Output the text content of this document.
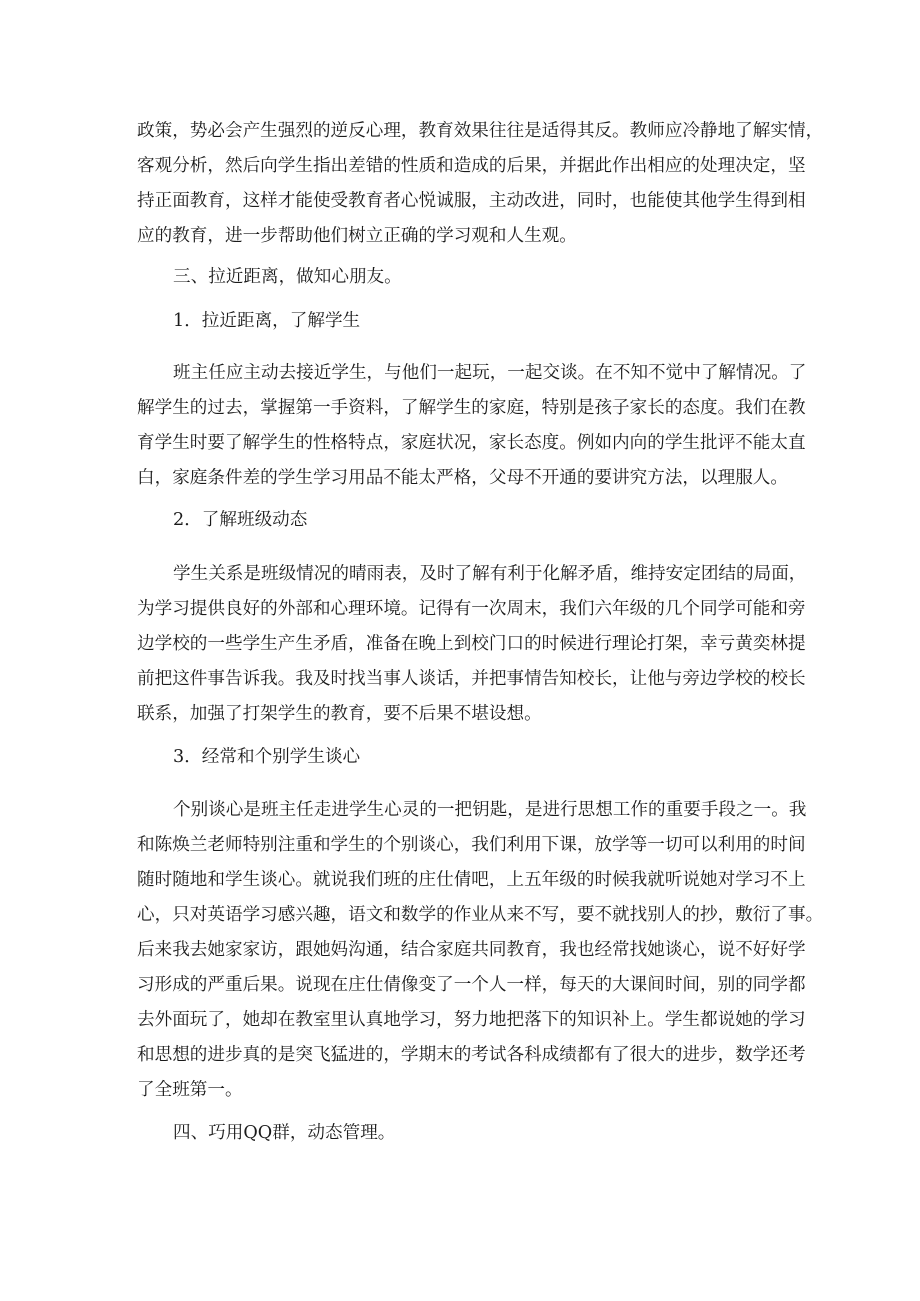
政策，势必会产生强烈的逆反心理，教育效果往往是适得其反。教师应冷静地了解实情，
客观分析，然后向学生指出差错的性质和造成的后果，并据此作出相应的处理决定，坚
持正面教育，这样才能使受教育者心悦诚服，主动改进，同时，也能使其他学生得到相
应的教育，进一步帮助他们树立正确的学习观和人生观。
三、拉近距离，做知心朋友。
1．拉近距离，了解学生
班主任应主动去接近学生，与他们一起玩，一起交谈。在不知不觉中了解情况。了
解学生的过去，掌握第一手资料，了解学生的家庭，特别是孩子家长的态度。我们在教
育学生时要了解学生的性格特点，家庭状况，家长态度。例如内向的学生批评不能太直
白，家庭条件差的学生学习用品不能太严格，父母不开通的要讲究方法，以理服人。
2．了解班级动态
学生关系是班级情况的晴雨表，及时了解有利于化解矛盾，维持安定团结的局面，
为学习提供良好的外部和心理环境。记得有一次周末，我们六年级的几个同学可能和旁
边学校的一些学生产生矛盾，准备在晚上到校门口的时候进行理论打架，幸亏黄奕林提
前把这件事告诉我。我及时找当事人谈话，并把事情告知校长，让他与旁边学校的校长
联系，加强了打架学生的教育，要不后果不堪设想。
3．经常和个别学生谈心
个别谈心是班主任走进学生心灵的一把钥匙，是进行思想工作的重要手段之一。我
和陈焕兰老师特别注重和学生的个别谈心，我们利用下课，放学等一切可以利用的时间
随时随地和学生谈心。就说我们班的庄仕倩吧，上五年级的时候我就听说她对学习不上
心，只对英语学习感兴趣，语文和数学的作业从来不写，要不就找别人的抄，敷衍了事。
后来我去她家家访，跟她妈沟通，结合家庭共同教育，我也经常找她谈心，说不好好学
习形成的严重后果。说现在庄仕倩像变了一个人一样，每天的大课间时间，别的同学都
去外面玩了，她却在教室里认真地学习，努力地把落下的知识补上。学生都说她的学习
和思想的进步真的是突飞猛进的，学期末的考试各科成绩都有了很大的进步，数学还考
了全班第一。
四、巧用QQ群，动态管理。
